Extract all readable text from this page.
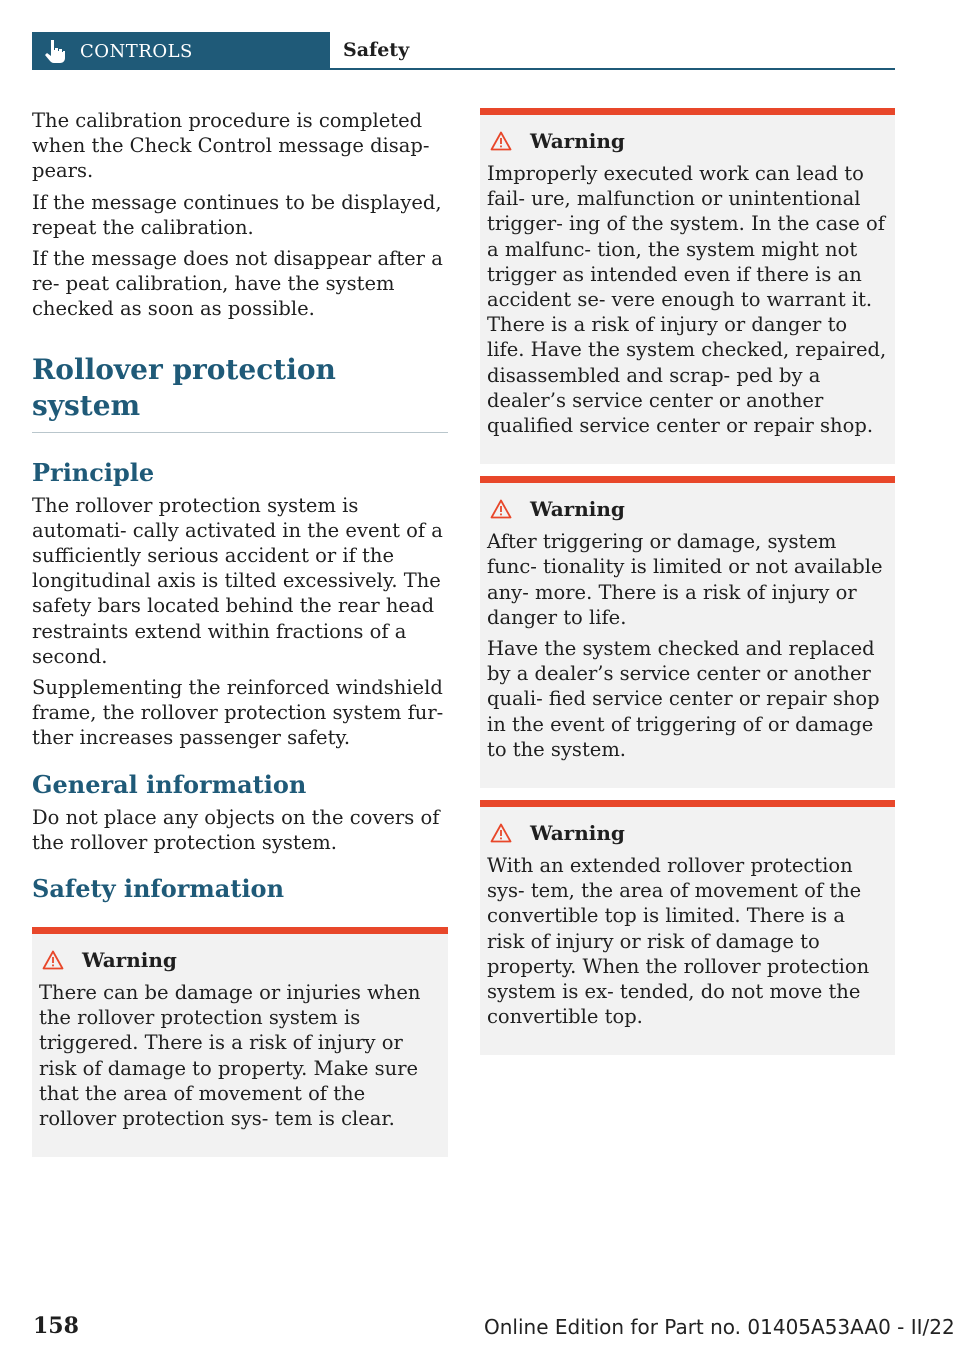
CONTROLS	Safety

The calibration procedure is completed when the Check Control message disap‐ pears.

If the message continues to be displayed, repeat the calibration.

If the message does not disappear after a re‐ peat calibration, have the system checked as soon as possible.

Rollover protection system
Principle

The rollover protection system is automati‐ cally activated in the event of a sufficiently serious accident or if the longitudinal axis is tilted excessively. The safety bars located behind the rear head restraints extend within fractions of a second.

Supplementing the reinforced windshield frame, the rollover protection system fur‐ ther increases passenger safety.

General information

Do not place any objects on the covers of the rollover protection system.

Safety information
Warning

There can be damage or injuries when the rollover protection system is triggered. There is a risk of injury or risk of damage to property. Make sure that the area of movement of the rollover protection sys‐ tem is clear.

Warning

Improperly executed work can lead to fail‐ ure, malfunction or unintentional trigger‐ ing of the system. In the case of a malfunc‐ tion, the system might not trigger as intended even if there is an accident se‐ vere enough to warrant it. There is a risk of injury or danger to life. Have the system checked, repaired, disassembled and scrap‐ ped by a dealer’s service center or another qualified service center or repair shop.

Warning

After triggering or damage, system func‐ tionality is limited or not available any‐ more. There is a risk of injury or danger to life.

Have the system checked and replaced by a dealer’s service center or another quali‐ fied service center or repair shop in the event of triggering of or damage to the system.

Warning

With an extended rollover protection sys‐ tem, the area of movement of the convertible top is limited. There is a risk of injury or risk of damage to property. When the rollover protection system is ex‐ tended, do not move the convertible top.

158	Online Edition for Part no. 01405A53AA0 - II/22
